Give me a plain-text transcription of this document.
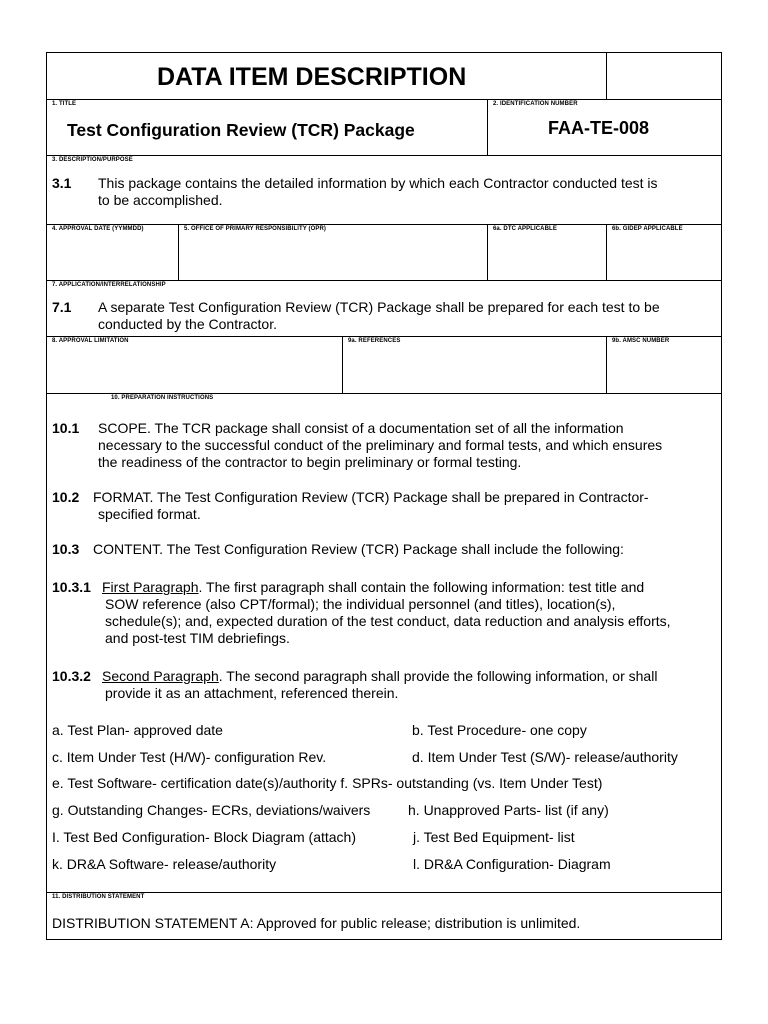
DATA ITEM DESCRIPTION
1. TITLE
Test Configuration Review (TCR) Package
2. IDENTIFICATION NUMBER
FAA-TE-008
3. DESCRIPTION/PURPOSE
3.1 This package contains the detailed information by which each Contractor conducted test is
to be accomplished.
4. APPROVAL DATE (YYMMDD)	5. OFFICE OF PRIMARY RESPONSIBILITY (OPR)	6a. DTC APPLICABLE	6b. GIDEP APPLICABLE
7. APPLICATION/INTERRELATIONSHIP
7.1 A separate Test Configuration Review (TCR) Package shall be prepared for each test to be
conducted by the Contractor.
8. APPROVAL LIMITATION	9a. REFERENCES	9b. AMSC NUMBER
10. PREPARATION INSTRUCTIONS
10.1 SCOPE. The TCR package shall consist of a documentation set of all the information
necessary to the successful conduct of the preliminary and formal tests, and which ensures
the readiness of the contractor to begin preliminary or formal testing.
10.2 FORMAT. The Test Configuration Review (TCR) Package shall be prepared in Contractor-
specified format.
10.3 CONTENT. The Test Configuration Review (TCR) Package shall include the following:
10.3.1 First Paragraph. The first paragraph shall contain the following information: test title and
SOW reference (also CPT/formal); the individual personnel (and titles), location(s),
schedule(s); and, expected duration of the test conduct, data reduction and analysis efforts,
and post-test TIM debriefings.
10.3.2 Second Paragraph. The second paragraph shall provide the following information, or shall
provide it as an attachment, referenced therein.
a. Test Plan- approved date	b. Test Procedure- one copy
c. Item Under Test (H/W)- configuration Rev.	d. Item Under Test (S/W)- release/authority
e. Test Software- certification date(s)/authority f. SPRs- outstanding (vs. Item Under Test)
g. Outstanding Changes- ECRs, deviations/waivers	h. Unapproved Parts- list (if any)
I. Test Bed Configuration- Block Diagram (attach)	j. Test Bed Equipment- list
k. DR&A Software- release/authority	l. DR&A Configuration- Diagram
11. DISTRIBUTION STATEMENT
DISTRIBUTION STATEMENT A: Approved for public release; distribution is unlimited.
